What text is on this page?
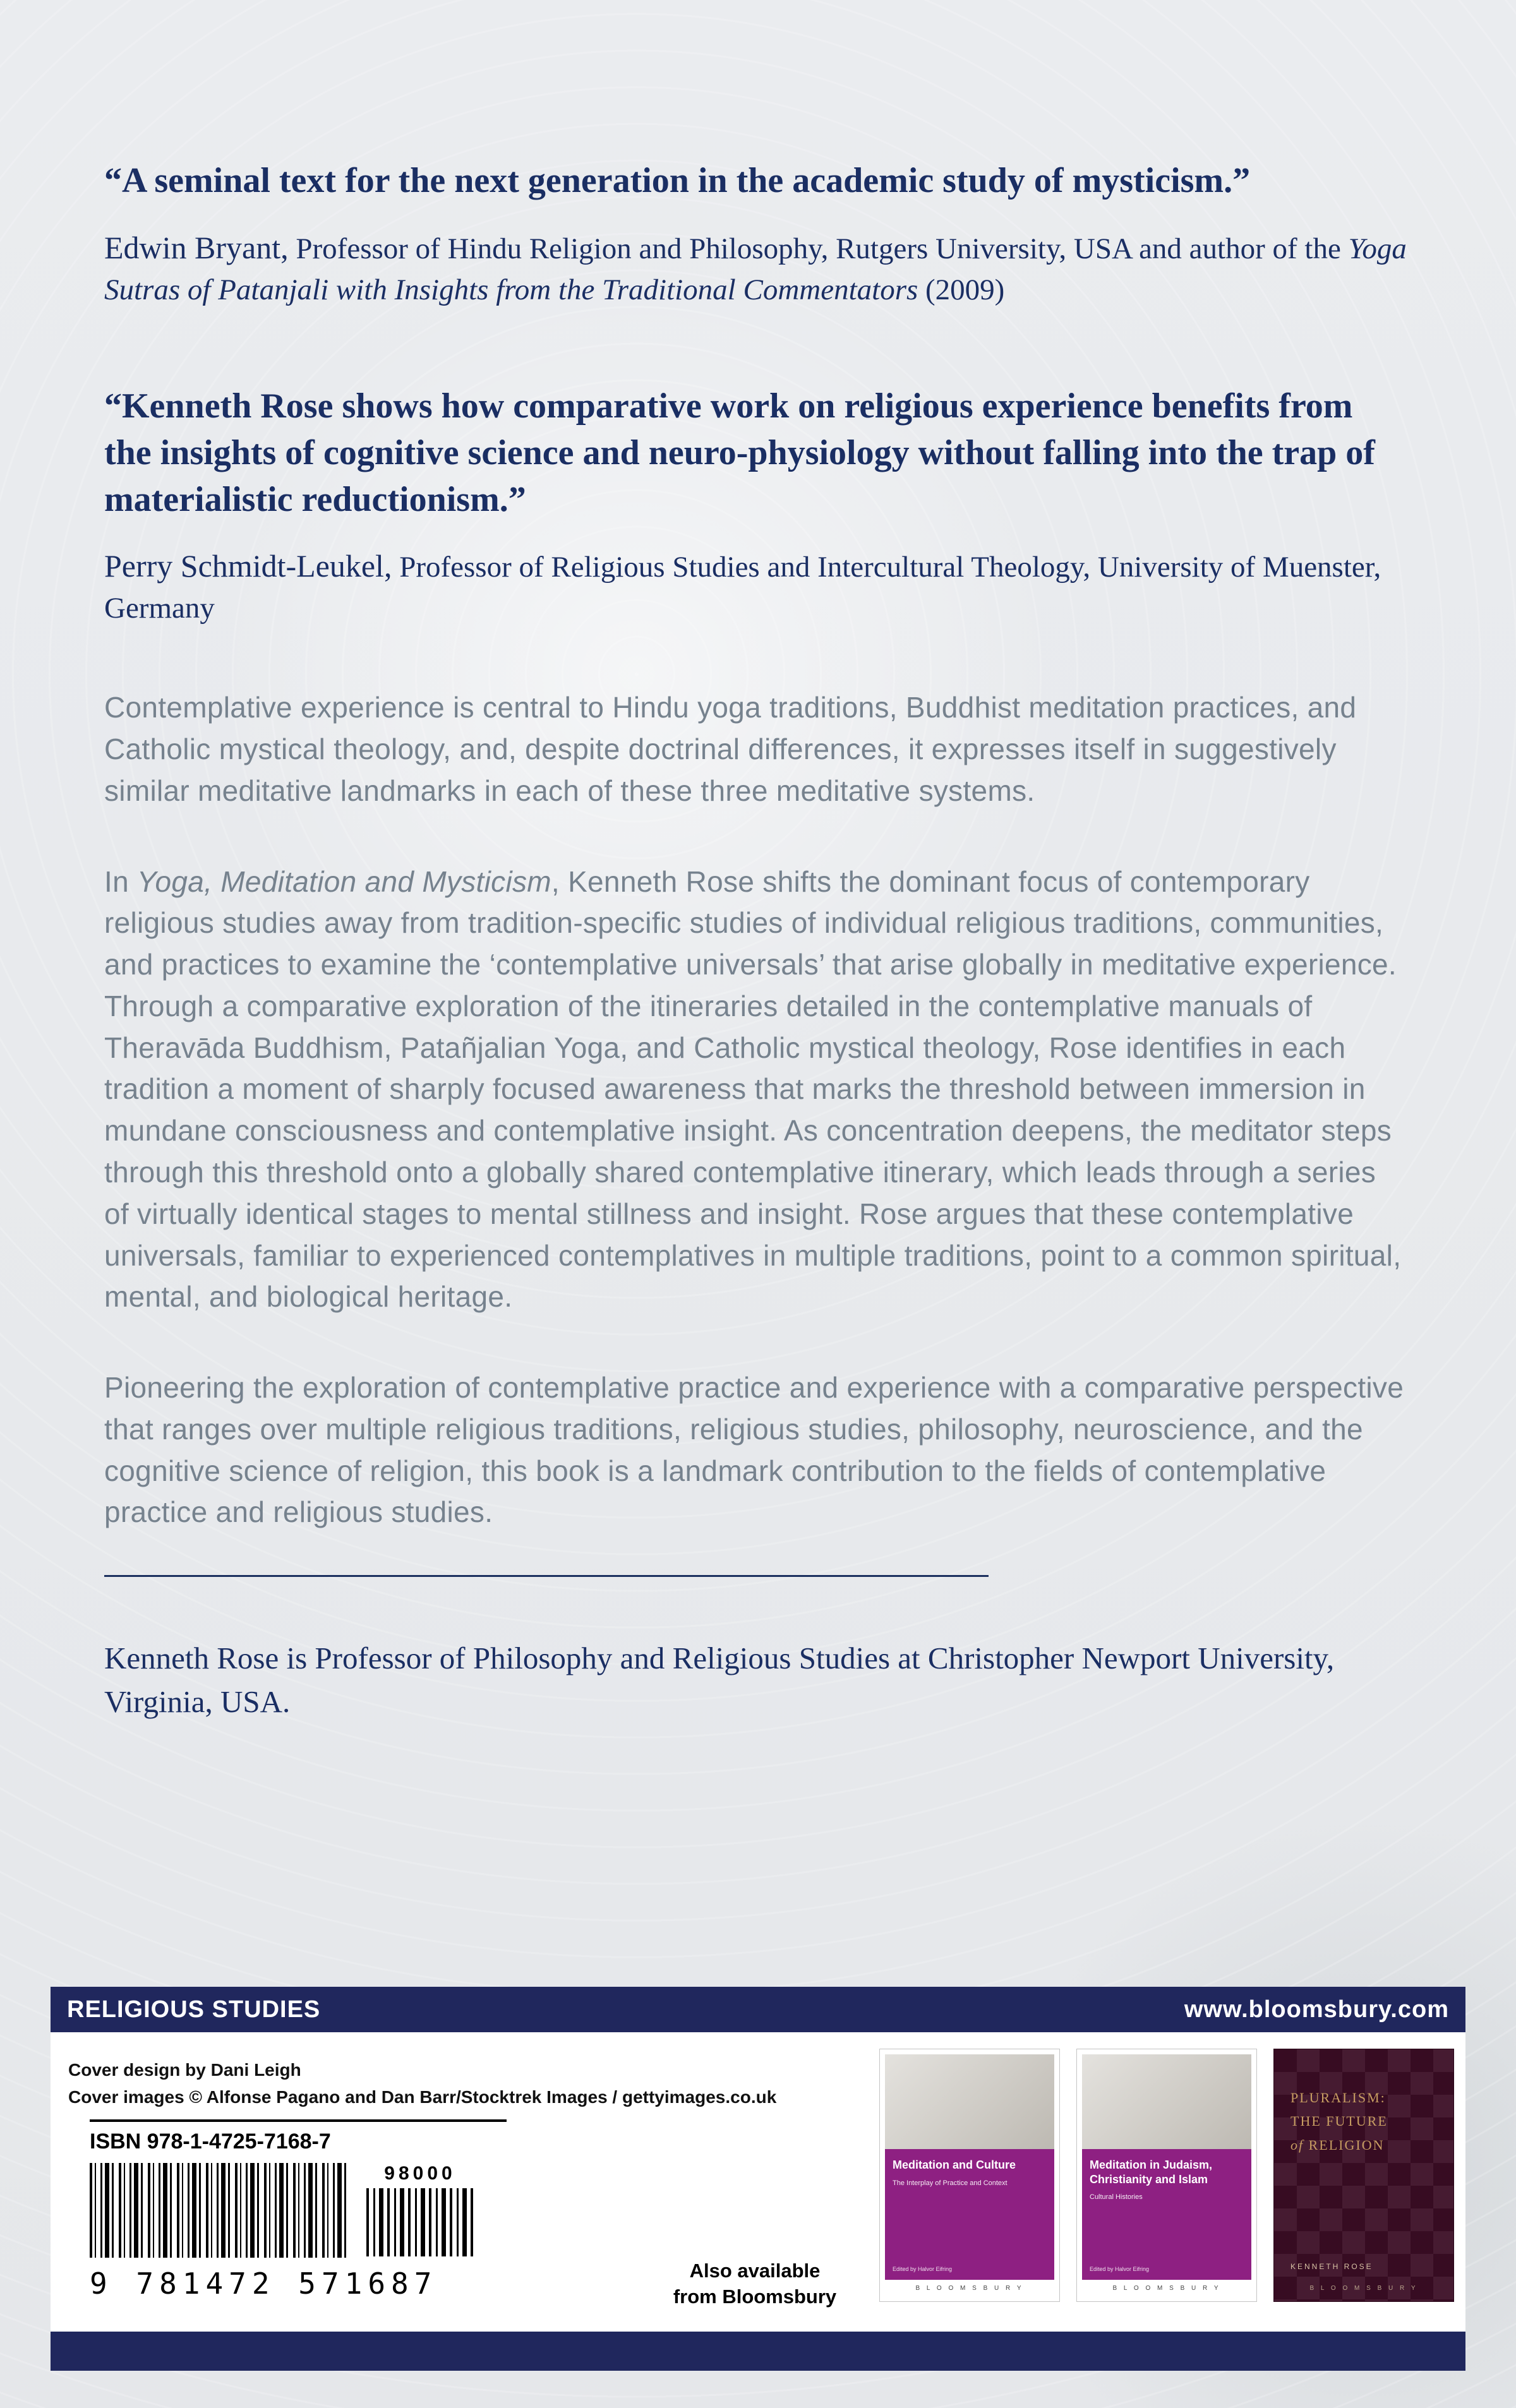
“A seminal text for the next generation in the academic study of mysticism.”
Edwin Bryant, Professor of Hindu Religion and Philosophy, Rutgers University, USA and author of the Yoga Sutras of Patanjali with Insights from the Traditional Commentators (2009)
“Kenneth Rose shows how comparative work on religious experience benefits from the insights of cognitive science and neuro-physiology without falling into the trap of materialistic reductionism.”
Perry Schmidt-Leukel, Professor of Religious Studies and Intercultural Theology, University of Muenster, Germany
Contemplative experience is central to Hindu yoga traditions, Buddhist meditation practices, and Catholic mystical theology, and, despite doctrinal differences, it expresses itself in suggestively similar meditative landmarks in each of these three meditative systems.
In Yoga, Meditation and Mysticism, Kenneth Rose shifts the dominant focus of contemporary religious studies away from tradition-specific studies of individual religious traditions, communities, and practices to examine the ‘contemplative universals’ that arise globally in meditative experience. Through a comparative exploration of the itineraries detailed in the contemplative manuals of Theravāda Buddhism, Patañjalian Yoga, and Catholic mystical theology, Rose identifies in each tradition a moment of sharply focused awareness that marks the threshold between immersion in mundane consciousness and contemplative insight. As concentration deepens, the meditator steps through this threshold onto a globally shared contemplative itinerary, which leads through a series of virtually identical stages to mental stillness and insight. Rose argues that these contemplative universals, familiar to experienced contemplatives in multiple traditions, point to a common spiritual, mental, and biological heritage.
Pioneering the exploration of contemplative practice and experience with a comparative perspective that ranges over multiple religious traditions, religious studies, philosophy, neuroscience, and the cognitive science of religion, this book is a landmark contribution to the fields of contemplative practice and religious studies.
Kenneth Rose is Professor of Philosophy and Religious Studies at Christopher Newport University, Virginia, USA.
RELIGIOUS STUDIES	www.bloomsbury.com
Cover design by Dani Leigh
Cover images © Alfonse Pagano and Dan Barr/Stocktrek Images / gettyimages.co.uk
ISBN 978-1-4725-7168-7
98000
9 781472 571687	Also available
from Bloomsbury
Meditation and Culture
The Interplay of Practice and Context
Edited by Halvor Eifring
B L O O M S B U R Y
Meditation in Judaism, Christianity and Islam
Cultural Histories
Edited by Halvor Eifring
B L O O M S B U R Y
PLURALISM:
THE FUTURE
of RELIGION
KENNETH ROSE
B L O O M S B U R Y
